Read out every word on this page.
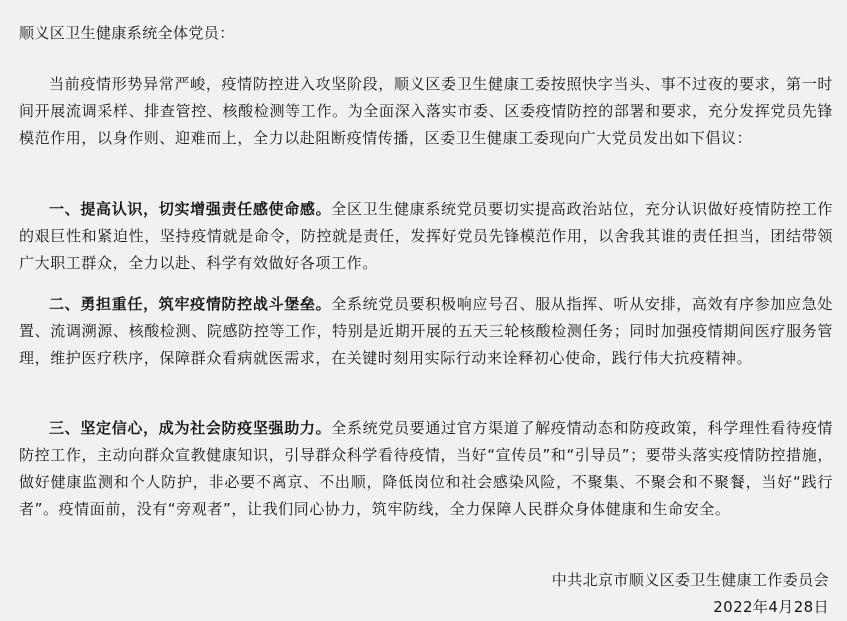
顺义区卫生健康系统全体党员：

当前疫情形势异常严峻，疫情防控进入攻坚阶段，顺义区委卫生健康工委按照快字当头、事不过夜的要求，第一时间开展流调采样、排查管控、核酸检测等工作。为全面深入落实市委、区委疫情防控的部署和要求，充分发挥党员先锋模范作用，以身作则、迎难而上，全力以赴阻断疫情传播，区委卫生健康工委现向广大党员发出如下倡议：

一、提高认识，切实增强责任感使命感。全区卫生健康系统党员要切实提高政治站位，充分认识做好疫情防控工作的艰巨性和紧迫性，坚持疫情就是命令，防控就是责任，发挥好党员先锋模范作用，以舍我其谁的责任担当，团结带领广大职工群众，全力以赴、科学有效做好各项工作。

二、勇担重任，筑牢疫情防控战斗堡垒。全系统党员要积极响应号召、服从指挥、听从安排，高效有序参加应急处置、流调溯源、核酸检测、院感防控等工作，特别是近期开展的五天三轮核酸检测任务；同时加强疫情期间医疗服务管理，维护医疗秩序，保障群众看病就医需求，在关键时刻用实际行动来诠释初心使命，践行伟大抗疫精神。

三、坚定信心，成为社会防疫坚强助力。全系统党员要通过官方渠道了解疫情动态和防疫政策，科学理性看待疫情防控工作，主动向群众宣教健康知识，引导群众科学看待疫情，当好“宣传员”和“引导员”；要带头落实疫情防控措施，做好健康监测和个人防护，非必要不离京、不出顺，降低岗位和社会感染风险，不聚集、不聚会和不聚餐，当好“践行者”。疫情面前，没有“旁观者”，让我们同心协力，筑牢防线，全力保障人民群众身体健康和生命安全。

中共北京市顺义区委卫生健康工作委员会
2022年4月28日
